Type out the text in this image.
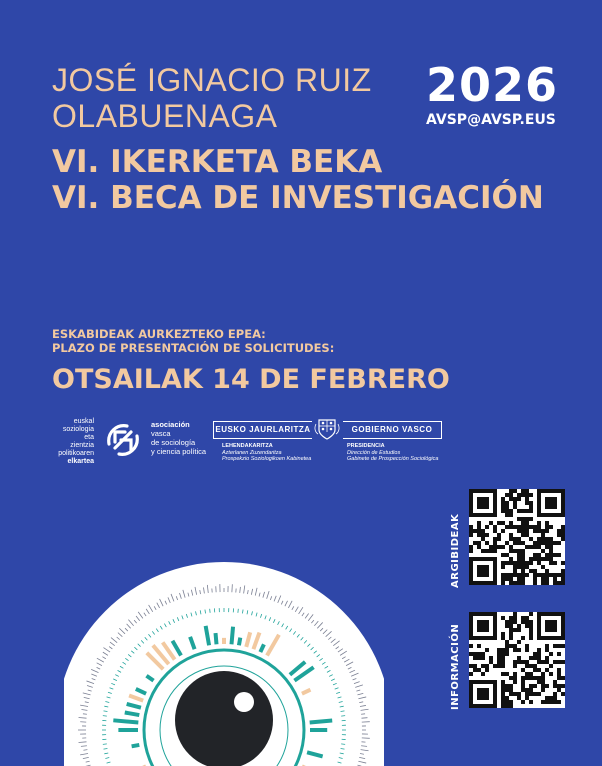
JOSÉ IGNACIO RUIZ
OLABUENAGA
VI. IKERKETA BEKA
VI. BECA DE INVESTIGACIÓN
2026
AVSP@AVSP.EUS
ESKABIDEAK AURKEZTEKO EPEA:
PLAZO DE PRESENTACIÓN DE SOLICITUDES:
OTSAILAK 14 DE FEBRERO
euskal
soziologia eta
zientzia
politikoaren
elkartea
asociación
vasca
de sociología
y ciencia política
EUSKO JAURLARITZA	GOBIERNO VASCO
LEHENDAKARITZA
Azterlanen Zuzendaritza
Prospekzio Soziologikoen Kabinetea
PRESIDENCIA
Dirección de Estudios
Gabinete de Prospección Sociológica
ARGIBIDEAK
INFORMACIÓN
